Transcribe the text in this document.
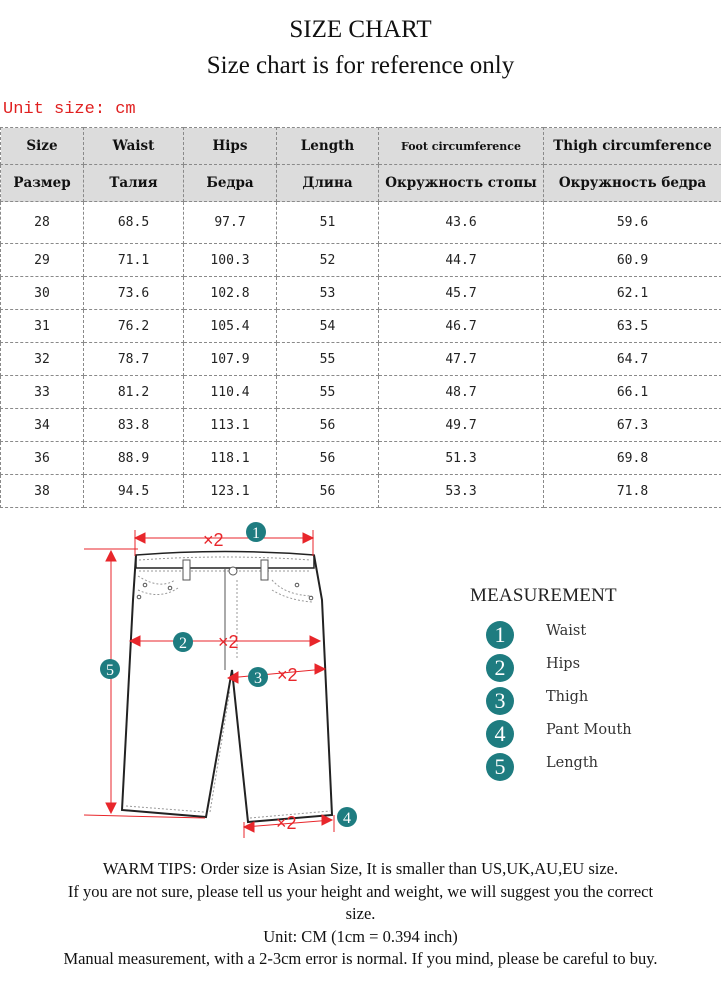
SIZE CHART
Size chart is for reference only
Unit size: cm
Size	Waist	Hips	Length	Foot circumference	Thigh circumference
Размер	Талия	Бедра	Длина	Окружность стопы	Окружность бедра
28	68.5	97.7	51	43.6	59.6
29	71.1	100.3	52	44.7	60.9
30	73.6	102.8	53	45.7	62.1
31	76.2	105.4	54	46.7	63.5
32	78.7	107.9	55	47.7	64.7
33	81.2	110.4	55	48.7	66.1
34	83.8	113.1	56	49.7	67.3
36	88.9	118.1	56	51.3	69.8
38	94.5	123.1	56	53.3	71.8
×2
×2
×2
×2
1
2
3
4
5
MEASUREMENT
1	Waist
2	Hips
3	Thigh
4	Pant Mouth
5	Length
WARM TIPS: Order size is Asian Size, It is smaller than US,UK,AU,EU size.
If you are not sure, please tell us your height and weight, we will suggest you the correct
size.
Unit: CM (1cm = 0.394 inch)
Manual measurement, with a 2-3cm error is normal. If you mind, please be careful to buy.
